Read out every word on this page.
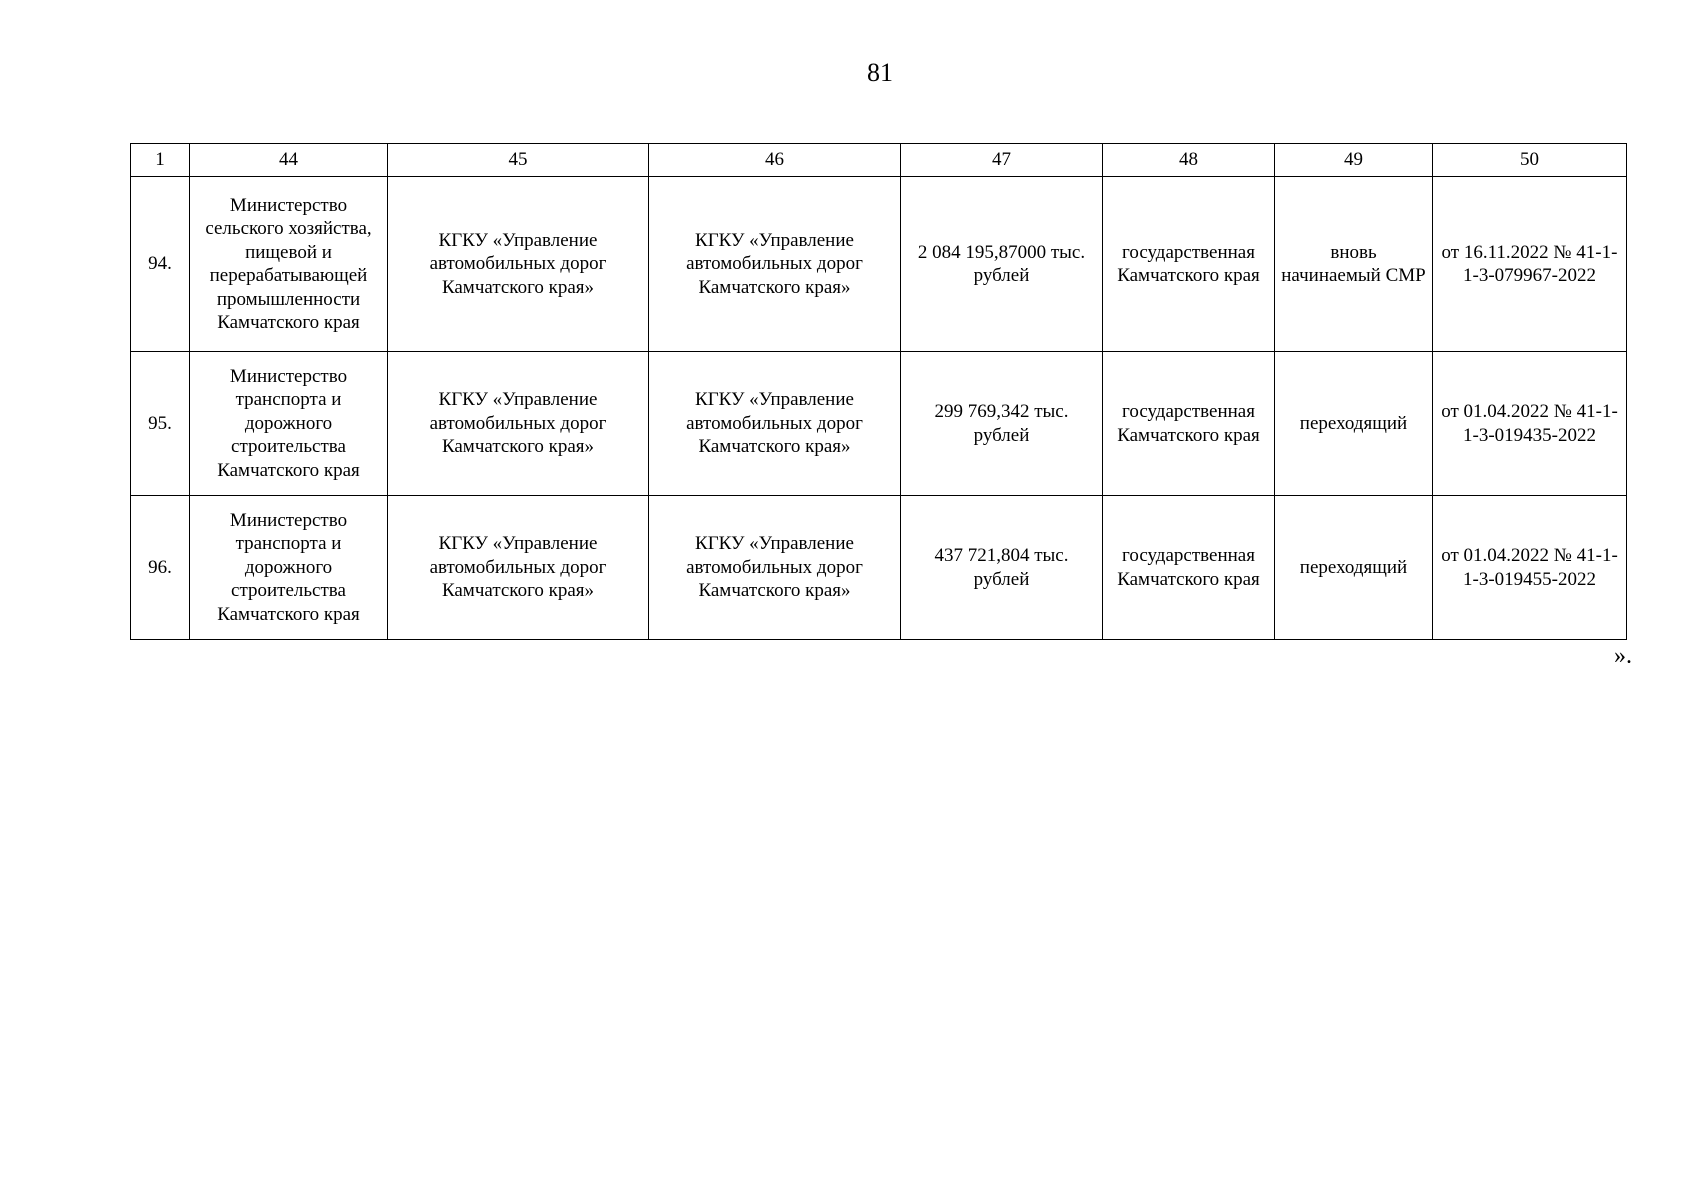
81
1	44	45	46	47	48	49	50
94.	Министерство сельского хозяйства, пищевой и перерабатывающей промышленности Камчатского края	КГКУ «Управление автомобильных дорог Камчатского края»	КГКУ «Управление автомобильных дорог Камчатского края»	2 084 195,87000 тыс. рублей	государственная Камчатского края	вновь начинаемый СМР	от 16.11.2022 № 41-1-1-3-079967-2022
95.	Министерство транспорта и дорожного строительства Камчатского края	КГКУ «Управление автомобильных дорог Камчатского края»	КГКУ «Управление автомобильных дорог Камчатского края»	299 769,342 тыс. рублей	государственная Камчатского края	переходящий	от 01.04.2022 № 41-1-1-3-019435-2022
96.	Министерство транспорта и дорожного строительства Камчатского края	КГКУ «Управление автомобильных дорог Камчатского края»	КГКУ «Управление автомобильных дорог Камчатского края»	437 721,804 тыс. рублей	государственная Камчатского края	переходящий	от 01.04.2022 № 41-1-1-3-019455-2022
».
